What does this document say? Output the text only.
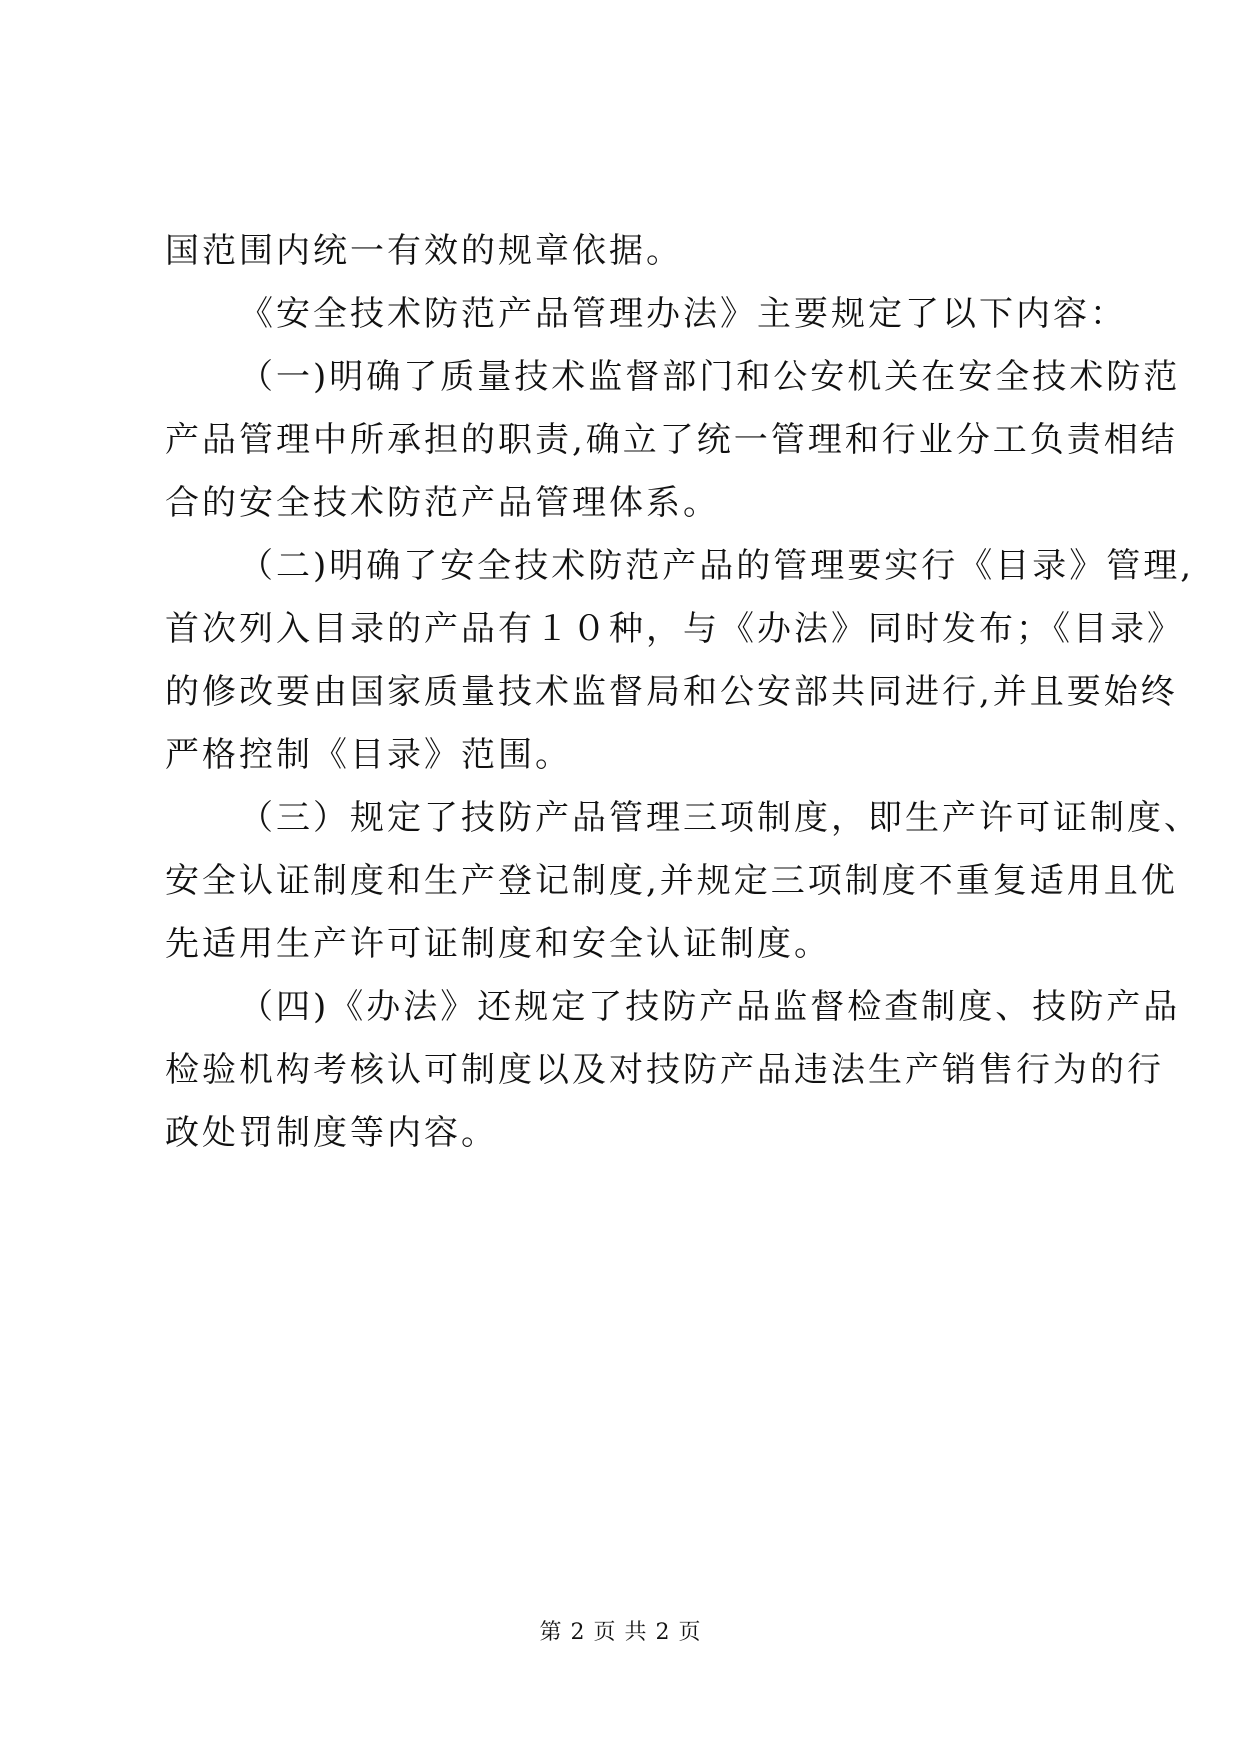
国范围内统一有效的规章依据。
《安全技术防范产品管理办法》主要规定了以下内容：
（一)明确了质量技术监督部门和公安机关在安全技术防范
产品管理中所承担的职责,确立了统一管理和行业分工负责相结
合的安全技术防范产品管理体系。
（二)明确了安全技术防范产品的管理要实行《目录》管理,
首次列入目录的产品有１０种，与《办法》同时发布；《目录》
的修改要由国家质量技术监督局和公安部共同进行,并且要始终
严格控制《目录》范围。
（三）规定了技防产品管理三项制度，即生产许可证制度、
安全认证制度和生产登记制度,并规定三项制度不重复适用且优
先适用生产许可证制度和安全认证制度。
（四)《办法》还规定了技防产品监督检查制度、技防产品
检验机构考核认可制度以及对技防产品违法生产销售行为的行
政处罚制度等内容。
第 2 页 共 2 页
